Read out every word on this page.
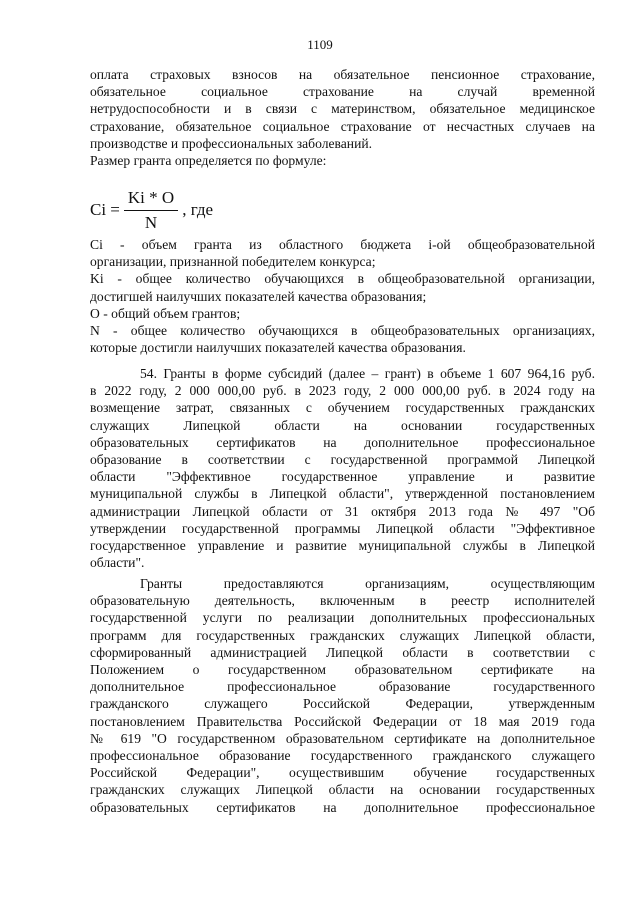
1109
оплата страховых взносов на обязательное пенсионное страхование,
обязательное социальное страхование на случай временной
нетрудоспособности и в связи с материнством, обязательное медицинское
страхование, обязательное социальное страхование от несчастных случаев на
производстве и профессиональных заболеваний.
Размер гранта определяется по формуле:
$Ci = \frac{Ki * O}{N}$ , где
Ci - объем гранта из областного бюджета i-ой общеобразовательной
организации, признанной победителем конкурса;
Ki - общее количество обучающихся в общеобразовательной организации,
достигшей наилучших показателей качества образования;
О - общий объем грантов;
N - общее количество обучающихся в общеобразовательных организациях,
которые достигли наилучших показателей качества образования.
54. Гранты в форме субсидий (далее – грант) в объеме 1 607 964,16 руб.
в 2022 году, 2 000 000,00 руб. в 2023 году, 2 000 000,00 руб. в 2024 году на
возмещение затрат, связанных с обучением государственных гражданских
служащих Липецкой области на основании государственных
образовательных сертификатов на дополнительное профессиональное
образование в соответствии с государственной программой Липецкой
области "Эффективное государственное управление и развитие
муниципальной службы в Липецкой области", утвержденной постановлением
администрации Липецкой области от 31 октября 2013 года № 497 "Об
утверждении государственной программы Липецкой области "Эффективное
государственное управление и развитие муниципальной службы в Липецкой
области".
Гранты предоставляются организациям, осуществляющим
образовательную деятельность, включенным в реестр исполнителей
государственной услуги по реализации дополнительных профессиональных
программ для государственных гражданских служащих Липецкой области,
сформированный администрацией Липецкой области в соответствии с
Положением о государственном образовательном сертификате на
дополнительное профессиональное образование государственного
гражданского служащего Российской Федерации, утвержденным
постановлением Правительства Российской Федерации от 18 мая 2019 года
№ 619 "О государственном образовательном сертификате на дополнительное
профессиональное образование государственного гражданского служащего
Российской Федерации", осуществившим обучение государственных
гражданских служащих Липецкой области на основании государственных
образовательных сертификатов на дополнительное профессиональное
